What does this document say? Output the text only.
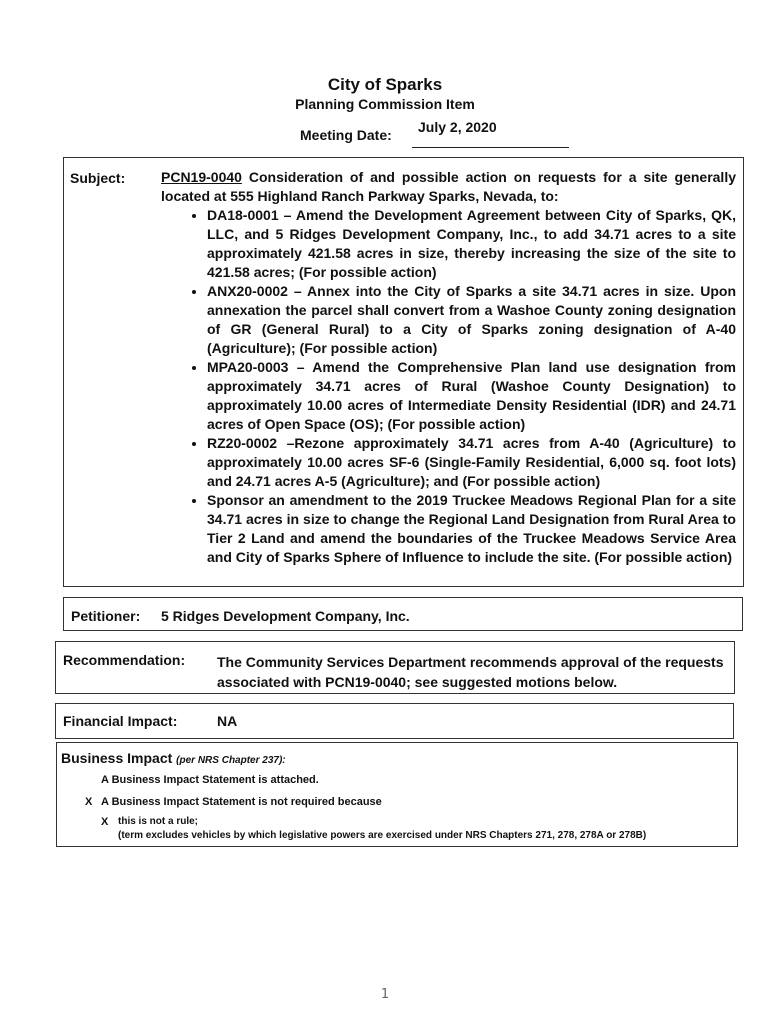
City of Sparks
Planning Commission Item
Meeting Date: July 2, 2020
Subject:	PCN19-0040 Consideration of and possible action on requests for a site generally located at 555 Highland Ranch Parkway Sparks, Nevada, to:

• DA18-0001 – Amend the Development Agreement between City of Sparks, QK, LLC, and 5 Ridges Development Company, Inc., to add 34.71 acres to a site approximately 421.58 acres in size, thereby increasing the size of the site to 421.58 acres; (For possible action)
• ANX20-0002 – Annex into the City of Sparks a site 34.71 acres in size. Upon annexation the parcel shall convert from a Washoe County zoning designation of GR (General Rural) to a City of Sparks zoning designation of A-40 (Agriculture); (For possible action)
• MPA20-0003 – Amend the Comprehensive Plan land use designation from approximately 34.71 acres of Rural (Washoe County Designation) to approximately 10.00 acres of Intermediate Density Residential (IDR) and 24.71 acres of Open Space (OS); (For possible action)
• RZ20-0002 –Rezone approximately 34.71 acres from A-40 (Agriculture) to approximately 10.00 acres SF-6 (Single-Family Residential, 6,000 sq. foot lots) and 24.71 acres A-5 (Agriculture); and (For possible action)
• Sponsor an amendment to the 2019 Truckee Meadows Regional Plan for a site 34.71 acres in size to change the Regional Land Designation from Rural Area to Tier 2 Land and amend the boundaries of the Truckee Meadows Service Area and City of Sparks Sphere of Influence to include the site. (For possible action)
Petitioner: 5 Ridges Development Company, Inc.
Recommendation: The Community Services Department recommends approval of the requests associated with PCN19-0040; see suggested motions below.
Financial Impact:	NA
Business Impact (per NRS Chapter 237):
A Business Impact Statement is attached.
X A Business Impact Statement is not required because
X this is not a rule;
(term excludes vehicles by which legislative powers are exercised under NRS Chapters 271, 278, 278A or 278B)
1
